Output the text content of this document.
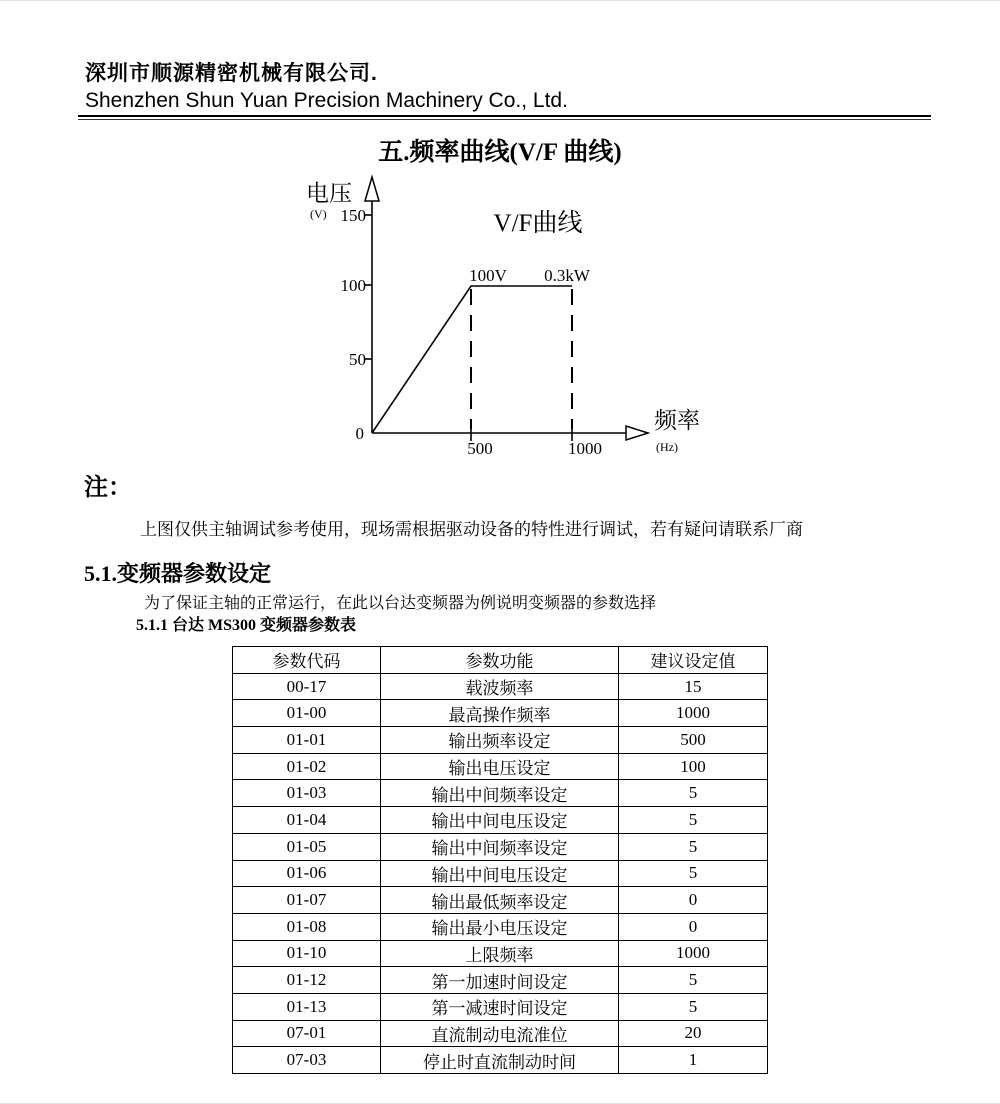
深圳市顺源精密机械有限公司.
Shenzhen Shun Yuan Precision Machinery Co., Ltd.
五.频率曲线(V/F 曲线)
电压
(V) 150
100
50
0
500	1000
100V 0.3kW
V/F曲线
频率
(Hz)
注：
上图仅供主轴调试参考使用，现场需根据驱动设备的特性进行调试，若有疑问请联系厂商
5.1.变频器参数设定
为了保证主轴的正常运行，在此以台达变频器为例说明变频器的参数选择
5.1.1 台达 MS300 变频器参数表
参数代码	参数功能	建议设定值
00-17	载波频率	15
01-00	最高操作频率	1000
01-01	输出频率设定	500
01-02	输出电压设定	100
01-03	输出中间频率设定	5
01-04	输出中间电压设定	5
01-05	输出中间频率设定	5
01-06	输出中间电压设定	5
01-07	输出最低频率设定	0
01-08	输出最小电压设定	0
01-10	上限频率	1000
01-12	第一加速时间设定	5
01-13	第一减速时间设定	5
07-01	直流制动电流准位	20
07-03	停止时直流制动时间	1
